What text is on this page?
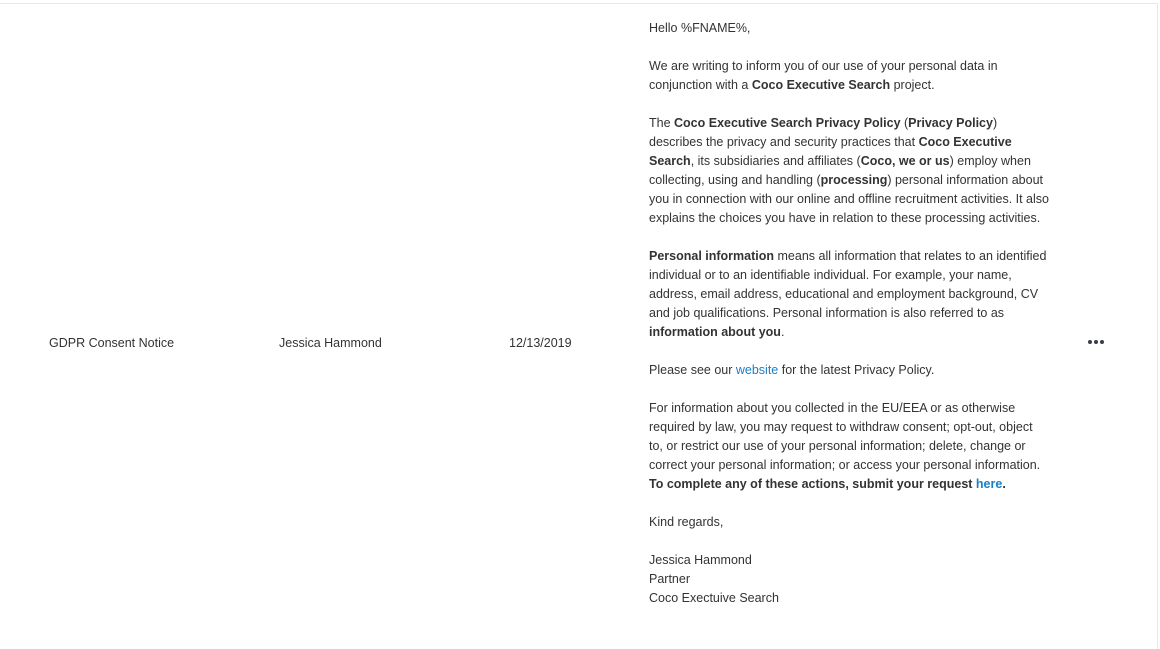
GDPR Consent Notice	Jessica Hammond	12/13/2019

Hello %FNAME%,

We are writing to inform you of our use of your personal data in conjunction with a Coco Executive Search project.

The Coco Executive Search Privacy Policy (Privacy Policy) describes the privacy and security practices that Coco Executive Search, its subsidiaries and affiliates (Coco, we or us) employ when collecting, using and handling (processing) personal information about you in connection with our online and offline recruitment activities. It also explains the choices you have in relation to these processing activities.

Personal information means all information that relates to an identified individual or to an identifiable individual. For example, your name, address, email address, educational and employment background, CV and job qualifications. Personal information is also referred to as information about you.

Please see our website for the latest Privacy Policy.

For information about you collected in the EU/EEA or as otherwise required by law, you may request to withdraw consent; opt-out, object to, or restrict our use of your personal information; delete, change or correct your personal information; or access your personal information. To complete any of these actions, submit your request here.

Kind regards,

Jessica Hammond

Partner

Coco Exectuive Search
